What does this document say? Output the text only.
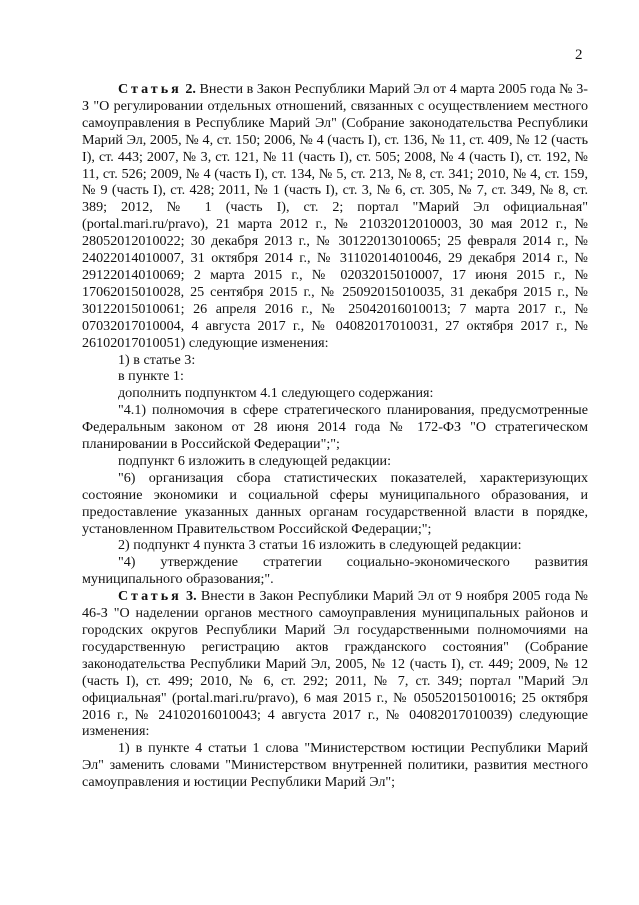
2

Статья 2. Внести в Закон Республики Марий Эл от 4 марта 2005 года № 3-З "О регулировании отдельных отношений, связанных с осуществлением местного самоуправления в Республике Марий Эл" (Собрание законодательства Республики Марий Эл, 2005, № 4, ст. 150; 2006, № 4 (часть I), ст. 136, № 11, ст. 409, № 12 (часть I), ст. 443; 2007, № 3, ст. 121, № 11 (часть I), ст. 505; 2008, № 4 (часть I), ст. 192, № 11, ст. 526; 2009, № 4 (часть I), ст. 134, № 5, ст. 213, № 8, ст. 341; 2010, № 4, ст. 159, № 9 (часть I), ст. 428; 2011, № 1 (часть I), ст. 3, № 6, ст. 305, № 7, ст. 349, № 8, ст. 389; 2012, № 1 (часть I), ст. 2; портал "Марий Эл официальная" (portal.mari.ru/pravo), 21 марта 2012 г., № 21032012010003, 30 мая 2012 г., № 28052012010022; 30 декабря 2013 г., № 30122013010065; 25 февраля 2014 г., № 24022014010007, 31 октября 2014 г., № 31102014010046, 29 декабря 2014 г., № 29122014010069; 2 марта 2015 г., № 02032015010007, 17 июня 2015 г., № 17062015010028, 25 сентября 2015 г., № 25092015010035, 31 декабря 2015 г., № 30122015010061; 26 апреля 2016 г., № 25042016010013; 7 марта 2017 г., № 07032017010004, 4 августа 2017 г., № 04082017010031, 27 октября 2017 г., № 26102017010051) следующие изменения:

1) в статье 3:

в пункте 1:

дополнить подпунктом 4.1 следующего содержания:

"4.1) полномочия в сфере стратегического планирования, предусмотренные Федеральным законом от 28 июня 2014 года № 172-ФЗ "О стратегическом планировании в Российской Федерации";";

подпункт 6 изложить в следующей редакции:

"6) организация сбора статистических показателей, характеризующих состояние экономики и социальной сферы муниципального образования, и предоставление указанных данных органам государственной власти в порядке, установленном Правительством Российской Федерации;";

2) подпункт 4 пункта 3 статьи 16 изложить в следующей редакции:

"4) утверждение стратегии социально-экономического развития муниципального образования;".

Статья 3. Внести в Закон Республики Марий Эл от 9 ноября 2005 года № 46-З "О наделении органов местного самоуправления муниципальных районов и городских округов Республики Марий Эл государственными полномочиями на государственную регистрацию актов гражданского состояния" (Собрание законодательства Республики Марий Эл, 2005, № 12 (часть I), ст. 449; 2009, № 12 (часть I), ст. 499; 2010, № 6, ст. 292; 2011, № 7, ст. 349; портал "Марий Эл официальная" (portal.mari.ru/pravo), 6 мая 2015 г., № 05052015010016; 25 октября 2016 г., № 24102016010043; 4 августа 2017 г., № 04082017010039) следующие изменения:

1) в пункте 4 статьи 1 слова "Министерством юстиции Республики Марий Эл" заменить словами "Министерством внутренней политики, развития местного самоуправления и юстиции Республики Марий Эл";
